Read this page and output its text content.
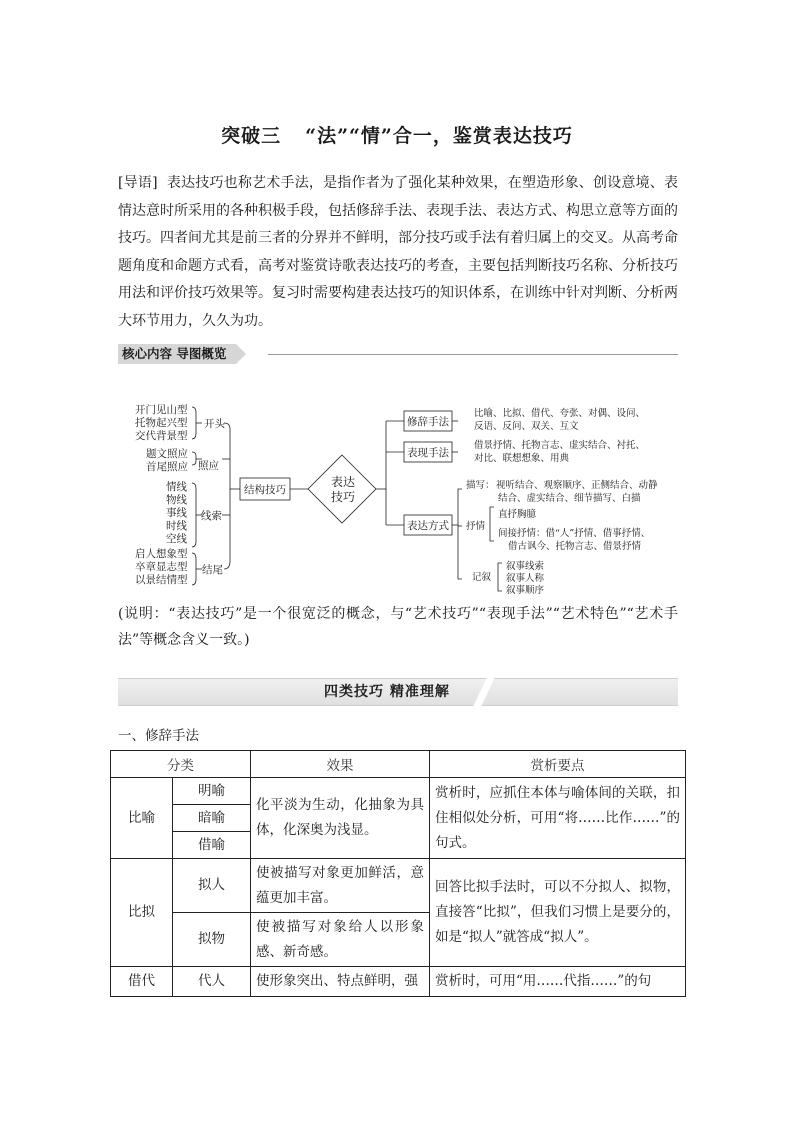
突破三 “法”“情”合一，鉴赏表达技巧
[导语] 表达技巧也称艺术手法，是指作者为了强化某种效果，在塑造形象、创设意境、表情达意时所采用的各种积极手段，包括修辞手法、表现手法、表达方式、构思立意等方面的技巧。四者间尤其是前三者的分界并不鲜明，部分技巧或手法有着归属上的交叉。从高考命题角度和命题方式看，高考对鉴赏诗歌表达技巧的考查，主要包括判断技巧名称、分析技巧用法和评价技巧效果等。复习时需要构建表达技巧的知识体系，在训练中针对判断、分析两大环节用力，久久为功。
核心内容 导图概览
开门见山型
托物起兴型
交代背景型
开头
题文照应
首尾照应 照应
情线
物线
事线
时线
空线
线索
启人想象型
卒章显志型
以景结情型
结尾
结构技巧
表达
技巧
修辞手法
比喻、比拟、借代、夸张、对偶、设问、
反语、反问、双关、互文
表现手法
借景抒情、托物言志、虚实结合、衬托、
对比、联想想象、用典
表达方式
描写： 视听结合、观察顺序、正侧结合、动静
结合、虚实结合、细节描写、白描
抒情
直抒胸臆
间接抒情：借“人”抒情、借事抒情、
借古讽今、托物言志、借景抒情
记叙
叙事线索
叙事人称
叙事顺序
(说明：“表达技巧”是一个很宽泛的概念，与“艺术技巧”“表现手法”“艺术特色”“艺术手法”等概念含义一致。)
四类技巧 精准理解
一、修辞手法
分类		效果	赏析要点
比喻	明喻	化平淡为生动，化抽象为具体，化深奥为浅显。	赏析时，应抓住本体与喻体间的关联，扣住相似处分析，可用“将……比作……”的句式。
	暗喻		
	借喻		
比拟	拟人	使被描写对象更加鲜活，意蕴更加丰富。	回答比拟手法时，可以不分拟人、拟物，直接答“比拟”，但我们习惯上是要分的，如是“拟人”就答成“拟人”。
	拟物	使被描写对象给人以形象感、新奇感。	
借代	代人	使形象突出、特点鲜明，强	赏析时，可用“用……代指……”的句
